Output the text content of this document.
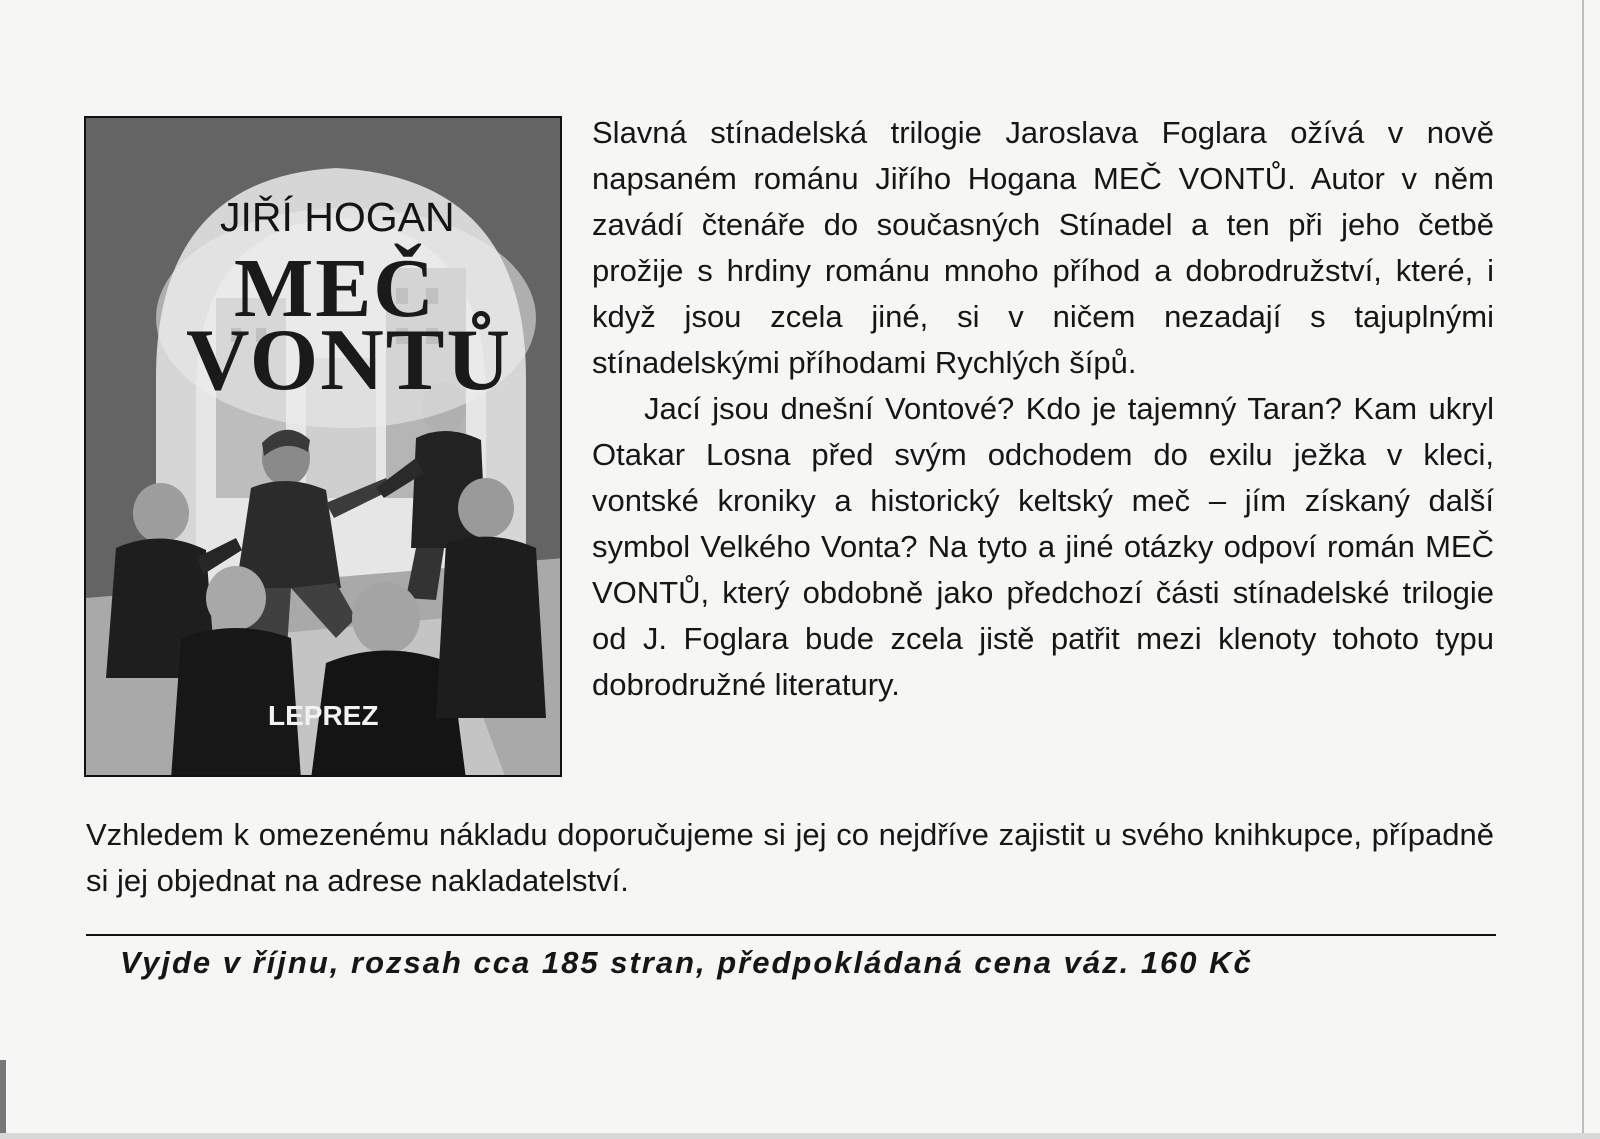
JIŘÍ HOGAN
MEČ
VONTŮ
LEPREZ

Slavná stínadelská trilogie Jaroslava Foglara ožívá v nově napsaném románu Jiřího Hogana MEČ VONTŮ. Autor v něm zavádí čtenáře do současných Stínadel a ten při jeho četbě prožije s hrdiny románu mnoho příhod a dobrodružství, které, i když jsou zcela jiné, si v ničem nezadají s tajuplnými stínadelskými příhodami Rychlých šípů.

Jací jsou dnešní Vontové? Kdo je tajemný Taran? Kam ukryl Otakar Losna před svým odchodem do exilu ježka v kleci, vontské kroniky a historický keltský meč – jím získaný další symbol Velkého Vonta? Na tyto a jiné otázky odpoví román MEČ VONTŮ, který obdobně jako předchozí části stínadelské trilogie od J. Foglara bude zcela jistě patřit mezi klenoty tohoto typu dobrodružné literatury.

Vzhledem k omezenému nákladu doporučujeme si jej co nejdříve zajistit u svého knihkupce, případně si jej objednat na adrese nakladatelství.

Vyjde v říjnu, rozsah cca 185 stran, předpokládaná cena váz. 160 Kč
